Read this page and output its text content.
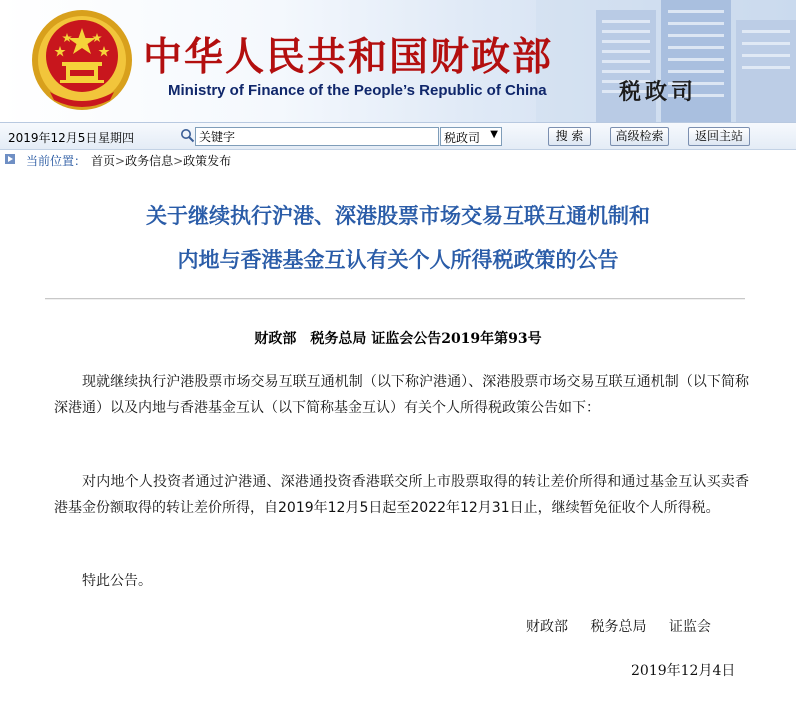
中华人民共和国财政部
Ministry of Finance of the People’s Republic of China	税政司
2019年12月5日 星期四
关键字	税政司 ▼	搜 索	高级检索	返回主站
当前位置： 首页>政务信息>政策发布
关于继续执行沪港、深港股票市场交易互联互通机制和
内地与香港基金互认有关个人所得税政策的公告
财政部　税务总局 证监会公告2019年第93号

现就继续执行沪港股票市场交易互联互通机制（以下称沪港通）、深港股票市场交易互联互通机制（以下简称深港通）以及内地与香港基金互认（以下简称基金互认）有关个人所得税政策公告如下：

对内地个人投资者通过沪港通、深港通投资香港联交所上市股票取得的转让差价所得和通过基金互认买卖香港基金份额取得的转让差价所得，自2019年12月5日起至2022年12月31日止，继续暂免征收个人所得税。

特此公告。

财政部 税务总局 证监会
2019年12月4日
